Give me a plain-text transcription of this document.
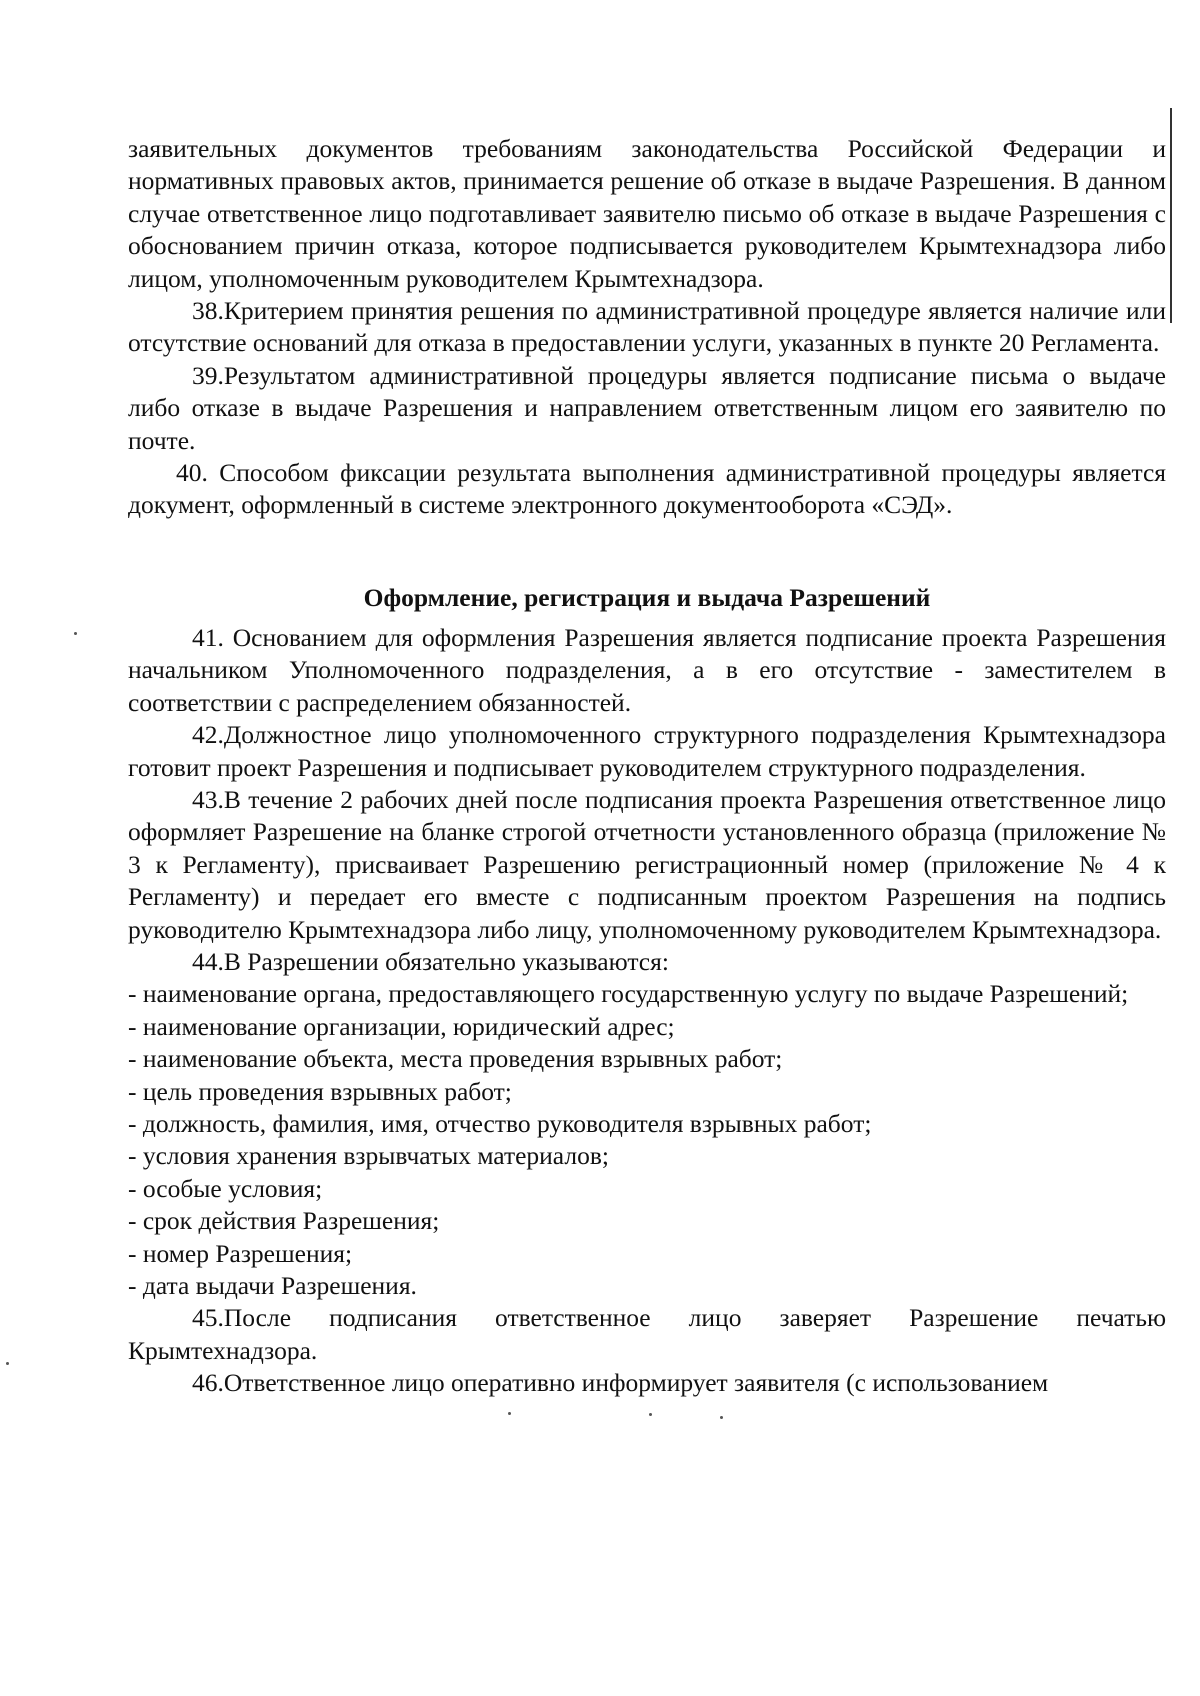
заявительных документов требованиям законодательства Российской Федерации и нормативных правовых актов, принимается решение об отказе в выдаче Разрешения. В данном случае ответственное лицо подготавливает заявителю письмо об отказе в выдаче Разрешения с обоснованием причин отказа, которое подписывается руководителем Крымтехнадзора либо лицом, уполномоченным руководителем Крымтехнадзора.

38.Критерием принятия решения по административной процедуре является наличие или отсутствие оснований для отказа в предоставлении услуги, указанных в пункте 20 Регламента.

39.Результатом административной процедуры является подписание письма о выдаче либо отказе в выдаче Разрешения и направлением ответственным лицом его заявителю по почте.

40. Способом фиксации результата выполнения административной процедуры является документ, оформленный в системе электронного документооборота «СЭД».

Оформление, регистрация и выдача Разрешений

41. Основанием для оформления Разрешения является подписание проекта Разрешения начальником Уполномоченного подразделения, а в его отсутствие - заместителем в соответствии с распределением обязанностей.

42.Должностное лицо уполномоченного структурного подразделения Крымтехнадзора готовит проект Разрешения и подписывает руководителем структурного подразделения.

43.В течение 2 рабочих дней после подписания проекта Разрешения ответственное лицо оформляет Разрешение на бланке строгой отчетности установленного образца (приложение № 3 к Регламенту), присваивает Разрешению регистрационный номер (приложение № 4 к Регламенту) и передает его вместе с подписанным проектом Разрешения на подпись руководителю Крымтехнадзора либо лицу, уполномоченному руководителем Крымтехнадзора.

44.В Разрешении обязательно указываются:

- наименование органа, предоставляющего государственную услугу по выдаче Разрешений;

- наименование организации, юридический адрес;

- наименование объекта, места проведения взрывных работ;

- цель проведения взрывных работ;

- должность, фамилия, имя, отчество руководителя взрывных работ;

- условия хранения взрывчатых материалов;

- особые условия;

- срок действия Разрешения;

- номер Разрешения;

- дата выдачи Разрешения.

45.После подписания ответственное лицо заверяет Разрешение печатью Крымтехнадзора.

46.Ответственное лицо оперативно информирует заявителя (с использованием
